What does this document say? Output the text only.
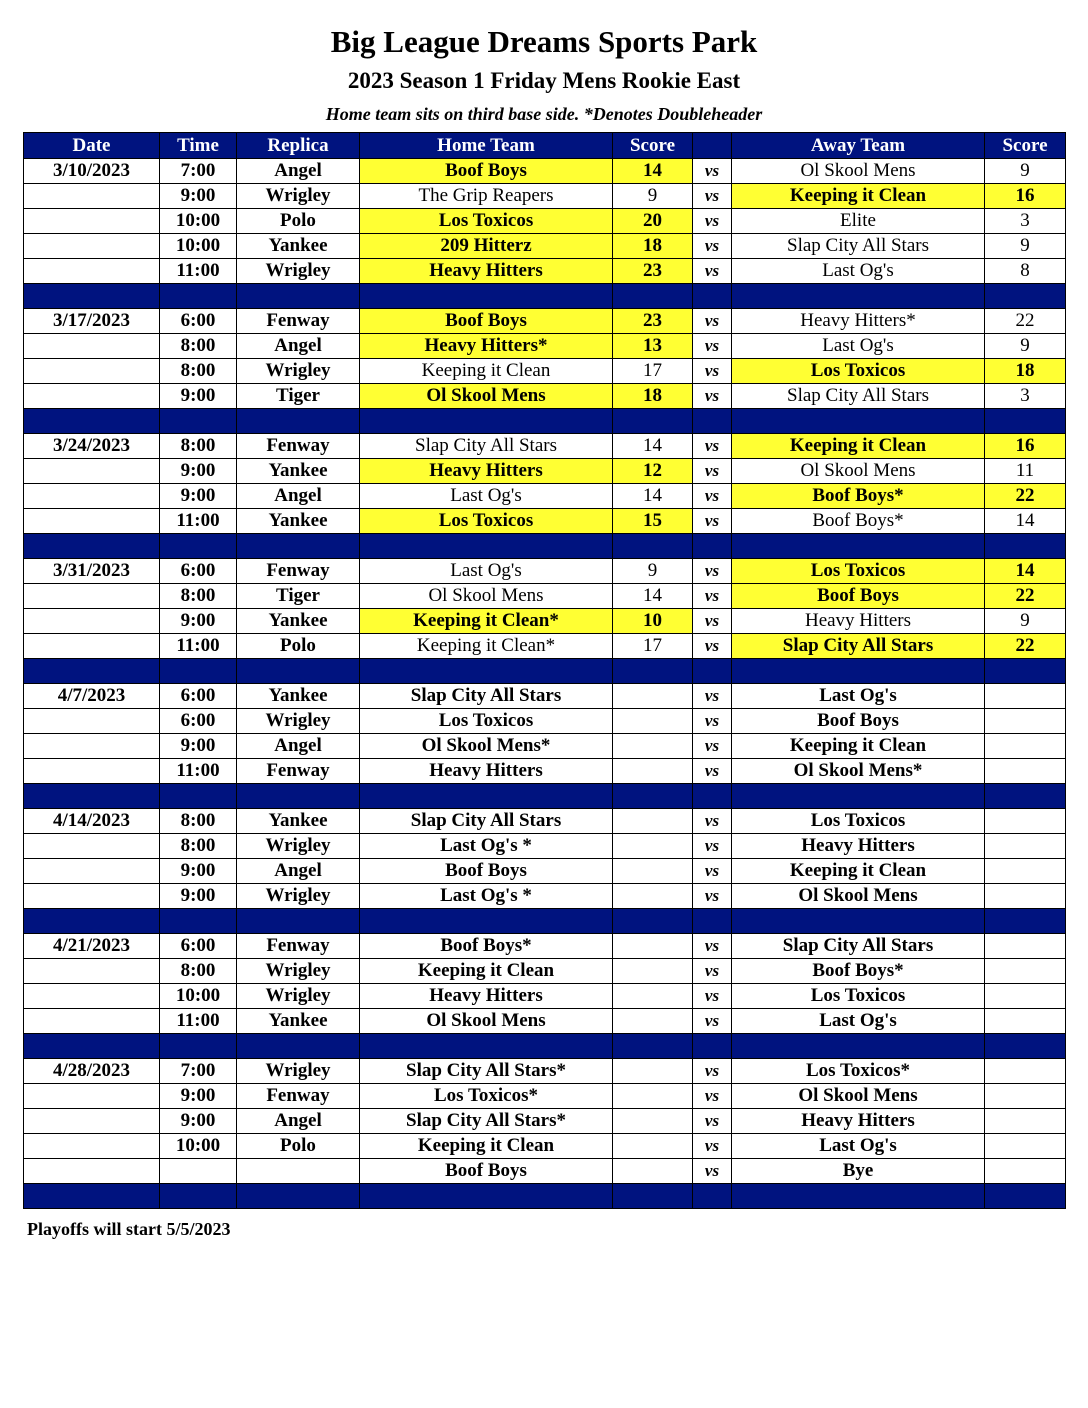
Big League Dreams Sports Park
2023 Season 1 Friday Mens Rookie East
Home team sits on third base side. *Denotes Doubleheader
Date	Time	Replica	Home Team	Score		Away Team	Score
3/10/2023	7:00	Angel	Boof Boys	14	vs	Ol Skool Mens	9
	9:00	Wrigley	The Grip Reapers	9	vs	Keeping it Clean	16
	10:00	Polo	Los Toxicos	20	vs	Elite	3
	10:00	Yankee	209 Hitterz	18	vs	Slap City All Stars	9
	11:00	Wrigley	Heavy Hitters	23	vs	Last Og's	8

3/17/2023	6:00	Fenway	Boof Boys	23	vs	Heavy Hitters*	22
	8:00	Angel	Heavy Hitters*	13	vs	Last Og's	9
	8:00	Wrigley	Keeping it Clean	17	vs	Los Toxicos	18
	9:00	Tiger	Ol Skool Mens	18	vs	Slap City All Stars	3

3/24/2023	8:00	Fenway	Slap City All Stars	14	vs	Keeping it Clean	16
	9:00	Yankee	Heavy Hitters	12	vs	Ol Skool Mens	11
	9:00	Angel	Last Og's	14	vs	Boof Boys*	22
	11:00	Yankee	Los Toxicos	15	vs	Boof Boys*	14

3/31/2023	6:00	Fenway	Last Og's	9	vs	Los Toxicos	14
	8:00	Tiger	Ol Skool Mens	14	vs	Boof Boys	22
	9:00	Yankee	Keeping it Clean*	10	vs	Heavy Hitters	9
	11:00	Polo	Keeping it Clean*	17	vs	Slap City All Stars	22

4/7/2023	6:00	Yankee	Slap City All Stars		vs	Last Og's	
	6:00	Wrigley	Los Toxicos		vs	Boof Boys	
	9:00	Angel	Ol Skool Mens*		vs	Keeping it Clean	
	11:00	Fenway	Heavy Hitters		vs	Ol Skool Mens*	

4/14/2023	8:00	Yankee	Slap City All Stars		vs	Los Toxicos	
	8:00	Wrigley	Last Og's *		vs	Heavy Hitters	
	9:00	Angel	Boof Boys		vs	Keeping it Clean	
	9:00	Wrigley	Last Og's *		vs	Ol Skool Mens	

4/21/2023	6:00	Fenway	Boof Boys*		vs	Slap City All Stars	
	8:00	Wrigley	Keeping it Clean		vs	Boof Boys*	
	10:00	Wrigley	Heavy Hitters		vs	Los Toxicos	
	11:00	Yankee	Ol Skool Mens		vs	Last Og's	

4/28/2023	7:00	Wrigley	Slap City All Stars*		vs	Los Toxicos*	
	9:00	Fenway	Los Toxicos*		vs	Ol Skool Mens	
	9:00	Angel	Slap City All Stars*		vs	Heavy Hitters	
	10:00	Polo	Keeping it Clean		vs	Last Og's	
			Boof Boys		vs	Bye	

Playoffs will start 5/5/2023
